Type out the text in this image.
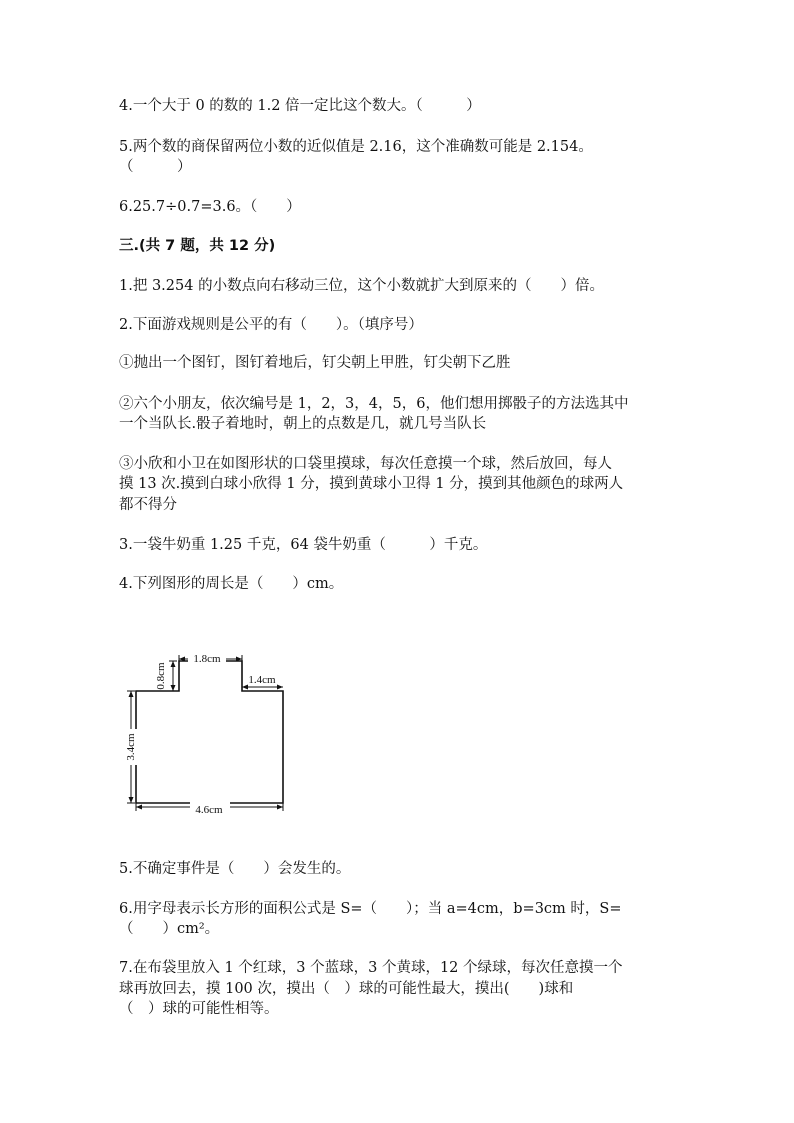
4.一个大于 0 的数的 1.2 倍一定比这个数大。（　　　）

5.两个数的商保留两位小数的近似值是 2.16，这个准确数可能是 2.154。

（　　　）

6.25.7÷0.7=3.6。（　　）

三.(共 7 题，共 12 分)

1.把 3.254 的小数点向右移动三位，这个小数就扩大到原来的（　　）倍。

2.下面游戏规则是公平的有（　　）。（填序号）

①抛出一个图钉，图钉着地后，钉尖朝上甲胜，钉尖朝下乙胜

②六个小朋友，依次编号是 1，2，3，4，5，6，他们想用掷骰子的方法选其中

一个当队长.骰子着地时，朝上的点数是几，就几号当队长

③小欣和小卫在如图形状的口袋里摸球，每次任意摸一个球，然后放回，每人

摸 13 次.摸到白球小欣得 1 分，摸到黄球小卫得 1 分，摸到其他颜色的球两人

都不得分

3.一袋牛奶重 1.25 千克，64 袋牛奶重（　　　）千克。

4.下列图形的周长是（　　）cm。

1.8cm
0.8cm	1.4cm
3.4cm
4.6cm

5.不确定事件是（　　）会发生的。

6.用字母表示长方形的面积公式是 S=（　　）；当 a=4cm，b=3cm 时，S=

（　　）cm²。

7.在布袋里放入 1 个红球，3 个蓝球，3 个黄球，12 个绿球，每次任意摸一个

球再放回去，摸 100 次，摸出（　）球的可能性最大，摸出(　　)球和

（　）球的可能性相等。
